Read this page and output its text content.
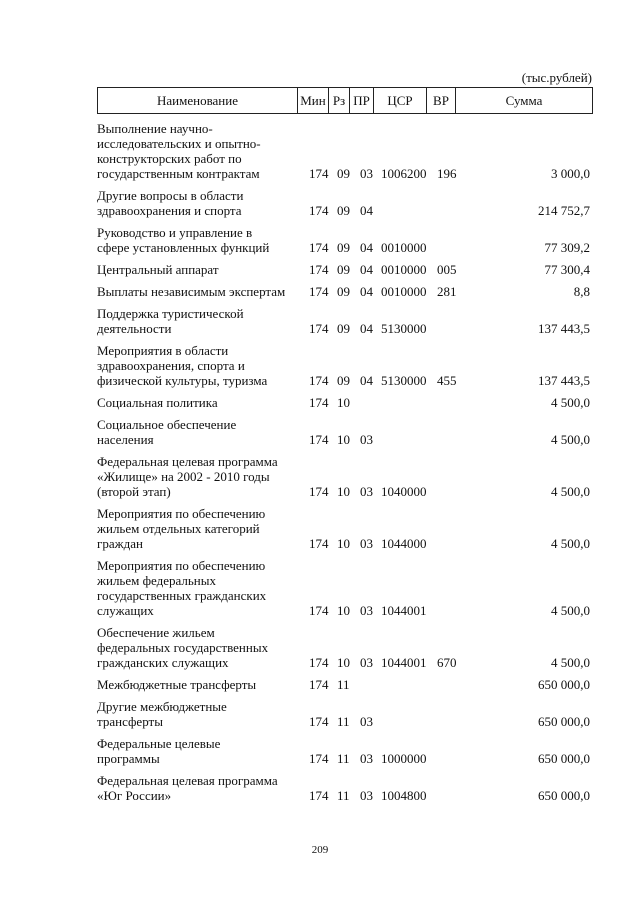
(тыс.рублей)
Наименование	Мин Рз ПР	ЦСР	ВР	Сумма
Выполнение научно-
исследовательских и опытно-
конструкторских работ по
государственным контрактам	174 09 03 1006200 196	3 000,0
Другие вопросы в области
здравоохранения и спорта	174 09 04	214 752,7
Руководство и управление в
сфере установленных функций	174 09 04 0010000	77 309,2
Центральный аппарат	174 09 04 0010000 005	77 300,4
Выплаты независимым экспертам	174 09 04 0010000 281	8,8
Поддержка туристической
деятельности	174 09 04 5130000	137 443,5
Мероприятия в области
здравоохранения, спорта и
физической культуры, туризма	174 09 04 5130000 455	137 443,5
Социальная политика	174 10	4 500,0
Социальное обеспечение
населения	174 10 03	4 500,0
Федеральная целевая программа
«Жилище» на 2002 - 2010 годы
(второй этап)	174 10 03 1040000	4 500,0
Мероприятия по обеспечению
жильем отдельных категорий
граждан	174 10 03 1044000	4 500,0
Мероприятия по обеспечению
жильем федеральных
государственных гражданских
служащих	174 10 03 1044001	4 500,0
Обеспечение жильем
федеральных государственных
гражданских служащих	174 10 03 1044001 670	4 500,0
Межбюджетные трансферты	174 11	650 000,0
Другие межбюджетные
трансферты	174 11 03	650 000,0
Федеральные целевые
программы	174 11 03 1000000	650 000,0
Федеральная целевая программа
«Юг России»	174 11 03 1004800	650 000,0
209
